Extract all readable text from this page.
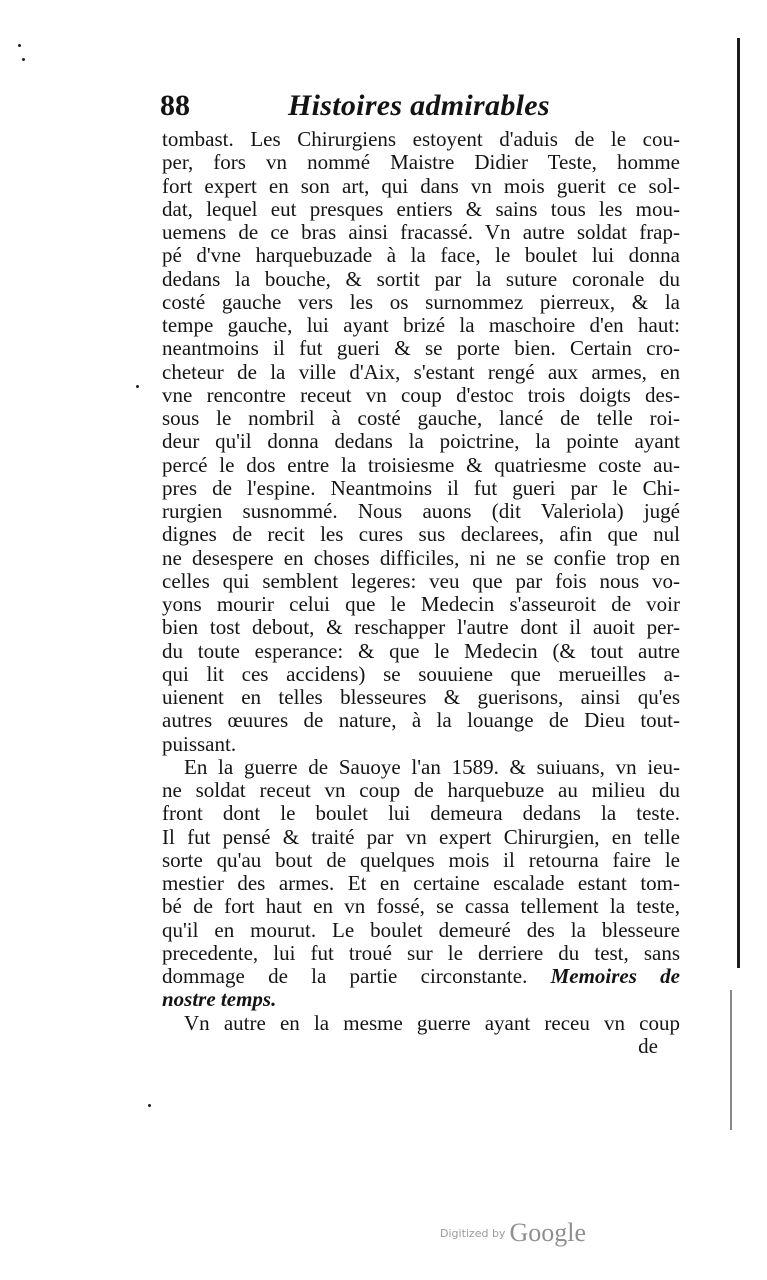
88	Histoires admirables
tombast. Les Chirurgiens estoyent d'aduis de le cou-
per, fors vn nommé Maistre Didier Teste, homme
fort expert en son art, qui dans vn mois guerit ce sol-
dat, lequel eut presques entiers & sains tous les mou-
uemens de ce bras ainsi fracassé. Vn autre soldat frap-
pé d'vne harquebuzade à la face, le boulet lui donna
dedans la bouche, & sortit par la suture coronale du
costé gauche vers les os surnommez pierreux, & la
tempe gauche, lui ayant brizé la maschoire d'en haut:
neantmoins il fut gueri & se porte bien. Certain cro-
cheteur de la ville d'Aix, s'estant rengé aux armes, en
vne rencontre receut vn coup d'estoc trois doigts des-
sous le nombril à costé gauche, lancé de telle roi-
deur qu'il donna dedans la poictrine, la pointe ayant
percé le dos entre la troisiesme & quatriesme coste au-
pres de l'espine. Neantmoins il fut gueri par le Chi-
rurgien susnommé. Nous auons (dit Valeriola) jugé
dignes de recit les cures sus declarees, afin que nul
ne desespere en choses difficiles, ni ne se confie trop en
celles qui semblent legeres: veu que par fois nous vo-
yons mourir celui que le Medecin s'asseuroit de voir
bien tost debout, & reschapper l'autre dont il auoit per-
du toute esperance: & que le Medecin (& tout autre
qui lit ces accidens) se souuiene que merueilles a-
uienent en telles blesseures & guerisons, ainsi qu'es
autres œuures de nature, à la louange de Dieu tout-
puissant.
En la guerre de Sauoye l'an 1589. & suiuans, vn ieu-
ne soldat receut vn coup de harquebuze au milieu du
front dont le boulet lui demeura dedans la teste.
Il fut pensé & traité par vn expert Chirurgien, en telle
sorte qu'au bout de quelques mois il retourna faire le
mestier des armes. Et en certaine escalade estant tom-
bé de fort haut en vn fossé, se cassa tellement la teste,
qu'il en mourut. Le boulet demeuré des la blesseure
precedente, lui fut troué sur le derriere du test, sans
dommage de la partie circonstante. Memoires de
nostre temps.
Vn autre en la mesme guerre ayant receu vn coup
de
Digitized by Google
